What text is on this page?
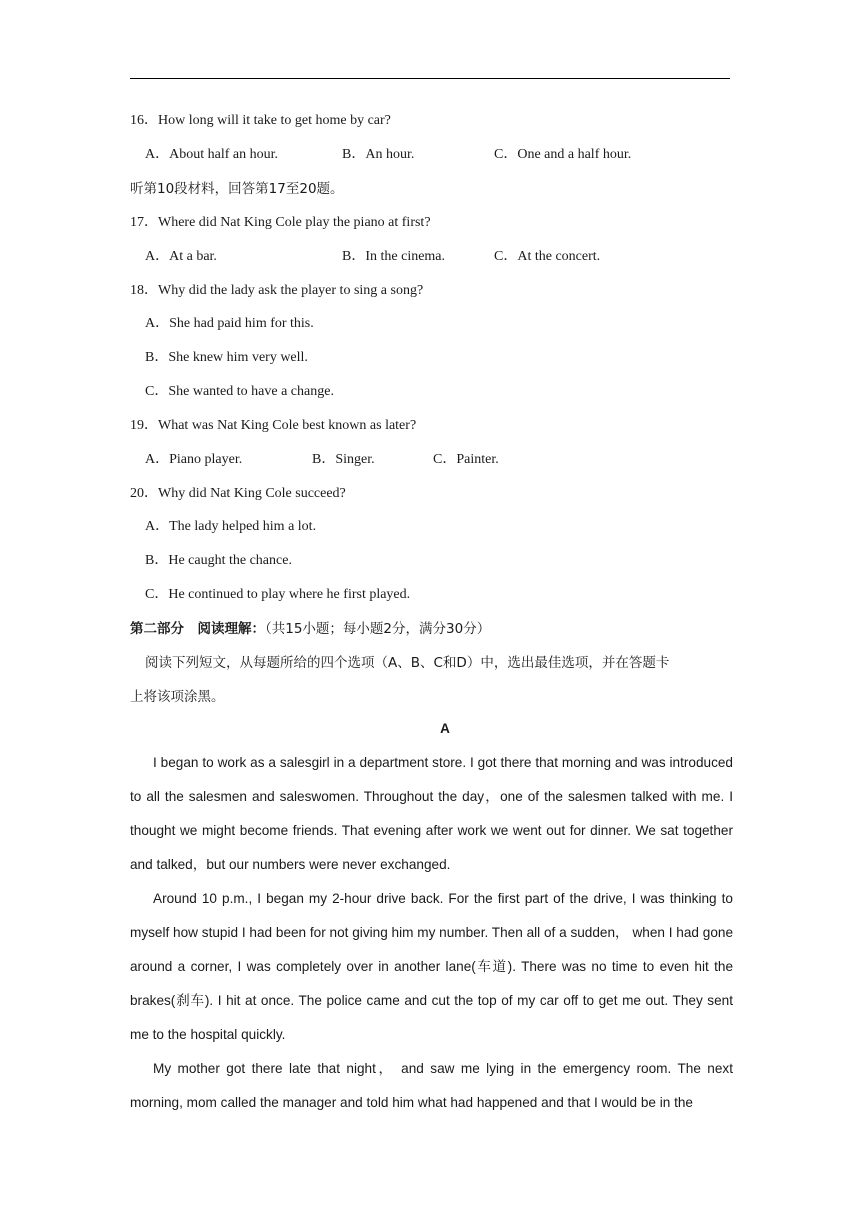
16．How long will it take to get home by car?
A．About half an hour.	B．An hour.	C．One and a half hour.
听第10段材料，回答第17至20题。
17．Where did Nat King Cole play the piano at first?
A．At a bar.	B．In the cinema.	C．At the concert.
18．Why did the lady ask the player to sing a song?
A．She had paid him for this.
B．She knew him very well.
C．She wanted to have a change.
19．What was Nat King Cole best known as later?
A．Piano player.	B．Singer.	C．Painter.
20．Why did Nat King Cole succeed?
A．The lady helped him a lot.
B．He caught the chance.
C．He continued to play where he first played.
第二部分　阅读理解：（共15小题；每小题2分，满分30分）
阅读下列短文，从每题所给的四个选项（A、B、C和D）中，选出最佳选项，并在答题卡
上将该项涂黑。
A

I began to work as a salesgirl in a department store. I got there that morning and was introduced to all the salesmen and saleswomen. Throughout the day，one of the salesmen talked with me. I thought we might become friends. That evening after work we went out for dinner. We sat together and talked，but our numbers were never exchanged.

Around 10 p.m., I began my 2-hour drive back. For the first part of the drive, I was thinking to myself how stupid I had been for not giving him my number. Then all of a sudden， when I had gone around a corner, I was completely over in another lane(车道). There was no time to even hit the brakes(刹车). I hit at once. The police came and cut the top of my car off to get me out. They sent me to the hospital quickly.

My mother got there late that night， and saw me lying in the emergency room. The next morning, mom called the manager and told him what had happened and that I would be in the
